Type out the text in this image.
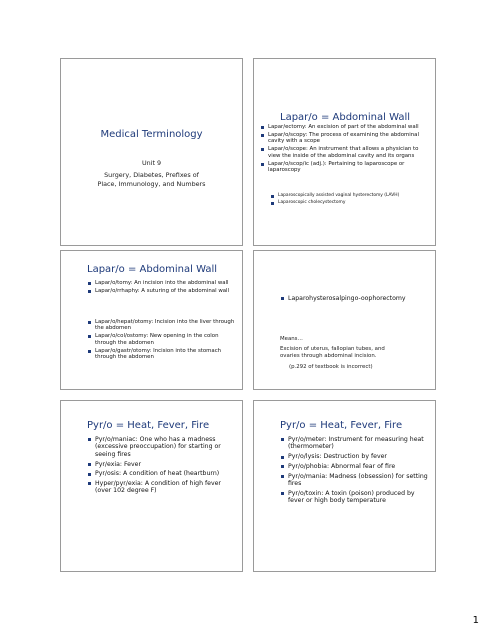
Medical Terminology
Unit 9
Surgery, Diabetes, Prefixes of
Place, Immunology, and Numbers
Lapar/o = Abdominal Wall
Lapar/ectomy: An excision of part of the abdominal wall
Lapar/o/scopy: The process of examining the abdominal cavity with a scope
Lapar/o/scope: An instrument that allows a physician to view the inside of the abdominal cavity and its organs
Lapar/o/scop/ic (adj.): Pertaining to laparoscope or laparoscopy
Laparoscopically assisted vaginal hysterectomy (LAVH)
Laparoscopic cholecystectomy
Lapar/o = Abdominal Wall
Lapar/o/tomy: An incision into the abdominal wall
Lapar/o/rrhaphy: A suturing of the abdominal wall
Lapar/o/hepat/otomy: Incision into the liver through the abdomen
Lapar/o/col/ostomy: New opening in the colon through the abdomen
Lapar/o/gastr/otomy: Incision into the stomach through the abdomen
Laparohysterosalpingo-oophorectomy
Means…
Excision of uterus, fallopian tubes, and ovaries through abdominal incision.
(p.292 of textbook is incorrect)
Pyr/o = Heat, Fever, Fire
Pyr/o/maniac: One who has a madness (excessive preoccupation) for starting or seeing fires
Pyr/exia: Fever
Pyr/osis: A condition of heat (heartburn)
Hyper/pyr/exia: A condition of high fever (over 102 degree F)
Pyr/o = Heat, Fever, Fire
Pyr/o/meter: Instrument for measuring heat (thermometer)
Pyr/o/lysis: Destruction by fever
Pyr/o/phobia: Abnormal fear of fire
Pyr/o/mania: Madness (obsession) for setting fires
Pyr/o/toxin: A toxin (poison) produced by fever or high body temperature
1
